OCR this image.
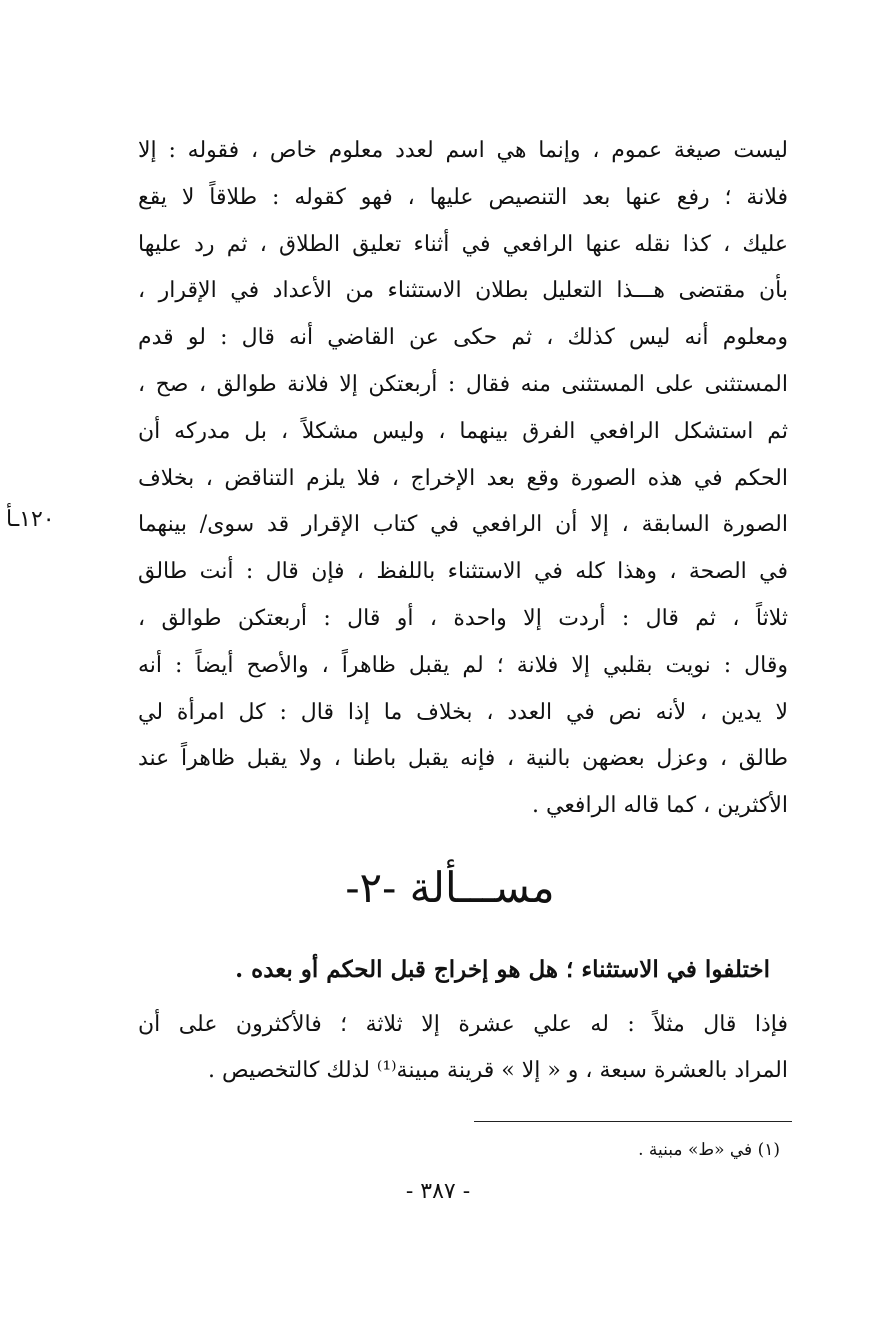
ليست صيغة عموم ، وإنما هي اسم لعدد معلوم خاص ، فقوله : إلا
فلانة ؛ رفع عنها بعد التنصيص عليها ، فهو كقوله : طلاقاً لا يقع
عليك ، كذا نقله عنها الرافعي في أثناء تعليق الطلاق ، ثم رد عليها
بأن مقتضى هـــذا التعليل بطلان الاستثناء من الأعداد في الإقرار ،
ومعلوم أنه ليس كذلك ، ثم حكى عن القاضي أنه قال : لو قدم
المستثنى على المستثنى منه فقال : أربعتكن إلا فلانة طوالق ، صح ،
ثم استشكل الرافعي الفرق بينهما ، وليس مشكلاً ، بل مدركه أن
الحكم في هذه الصورة وقع بعد الإخراج ، فلا يلزم التناقض ، بخلاف
الصورة السابقة ، إلا أن الرافعي في كتاب الإقرار قد سوى/ بينهما
في الصحة ، وهذا كله في الاستثناء باللفظ ، فإن قال : أنت طالق
ثلاثاً ، ثم قال : أردت إلا واحدة ، أو قال : أربعتكن طوالق ،
وقال : نويت بقلبي إلا فلانة ؛ لم يقبل ظاهراً ، والأصح أيضاً : أنه
لا يدين ، لأنه نص في العدد ، بخلاف ما إذا قال : كل امرأة لي
طالق ، وعزل بعضهن بالنية ، فإنه يقبل باطنا ، ولا يقبل ظاهراً عند
الأكثرين ، كما قاله الرافعي .
١٢٠ـأ
مســـألة -٢-
اختلفوا في الاستثناء ؛ هل هو إخراج قبل الحكم أو بعده .
فإذا قال مثلاً : له علي عشرة إلا ثلاثة ؛ فالأكثرون على أن
المراد بالعشرة سبعة ، و « إلا » قرينة مبينة⁽¹⁾ لذلك كالتخصيص .
(١) في «ط» مبنية .
- ٣٨٧ -
